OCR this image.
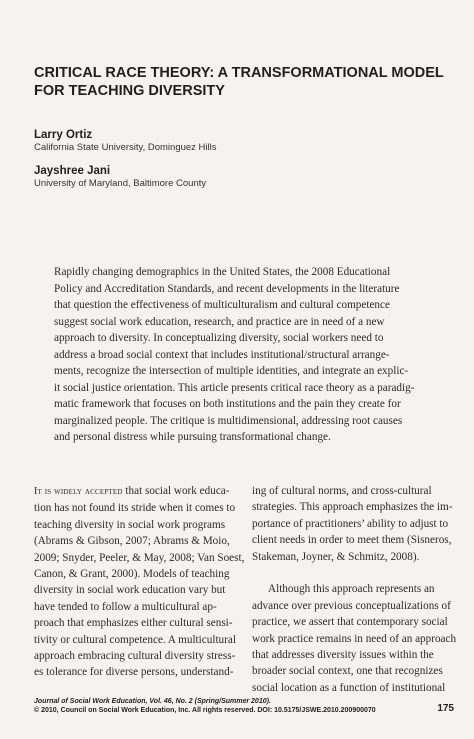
CRITICAL RACE THEORY: A TRANSFORMATIONAL MODEL
FOR TEACHING DIVERSITY
Larry Ortiz
California State University, Dominguez Hills
Jayshree Jani
University of Maryland, Baltimore County
Rapidly changing demographics in the United States, the 2008 Educational
Policy and Accreditation Standards, and recent developments in the literature
that question the effectiveness of multiculturalism and cultural competence
suggest social work education, research, and practice are in need of a new
approach to diversity. In conceptualizing diversity, social workers need to
address a broad social context that includes institutional/structural arrange-
ments, recognize the intersection of multiple identities, and integrate an explic-
it social justice orientation. This article presents critical race theory as a paradig-
matic framework that focuses on both institutions and the pain they create for
marginalized people. The critique is multidimensional, addressing root causes
and personal distress while pursuing transformational change.
It is widely accepted that social work educa-
tion has not found its stride when it comes to
teaching diversity in social work programs
(Abrams & Gibson, 2007; Abrams & Moio,
2009; Snyder, Peeler, & May, 2008; Van Soest,
Canon, & Grant, 2000). Models of teaching
diversity in social work education vary but
have tended to follow a multicultural ap-
proach that emphasizes either cultural sensi-
tivity or cultural competence. A multicultural
approach embracing cultural diversity stress-
es tolerance for diverse persons, understand-
ing of cultural norms, and cross-cultural
strategies. This approach emphasizes the im-
portance of practitioners’ ability to adjust to
client needs in order to meet them (Sisneros,
Stakeman, Joyner, & Schmitz, 2008).
Although this approach represents an
advance over previous conceptualizations of
practice, we assert that contemporary social
work practice remains in need of an approach
that addresses diversity issues within the
broader social context, one that recognizes
social location as a function of institutional
Journal of Social Work Education, Vol. 46, No. 2 (Spring/Summer 2010).
© 2010, Council on Social Work Education, Inc. All rights reserved. DOI: 10.5175/JSWE.2010.200900070	175
